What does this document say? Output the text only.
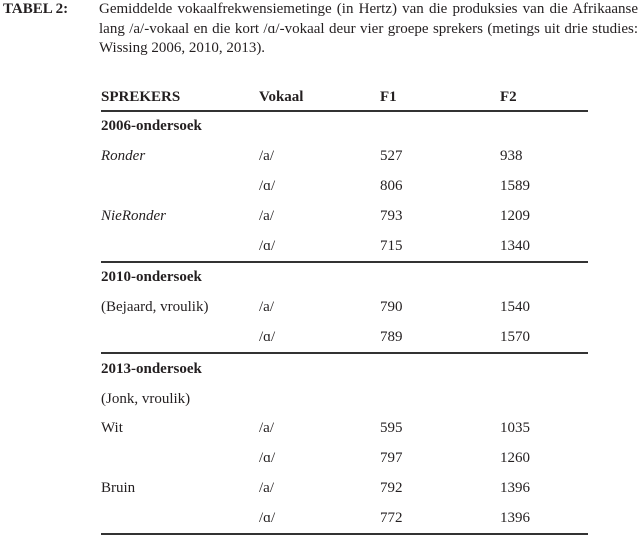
TABEL 2: Gemiddelde vokaalfrekwensiemetinge (in Hertz) van die produksies van die Afrikaanse lang /a/-vokaal en die kort /ɑ/-vokaal deur vier groepe sprekers (metings uit drie studies: Wissing 2006, 2010, 2013).
SPREKERS	Vokaal	F1	F2
2006-ondersoek			
Ronder	/a/	527	938
	/ɑ/	806	1589
NieRonder	/a/	793	1209
	/ɑ/	715	1340
2010-ondersoek			
(Bejaard, vroulik)	/a/	790	1540
	/ɑ/	789	1570
2013-ondersoek			
(Jonk, vroulik)			
Wit	/a/	595	1035
	/ɑ/	797	1260
Bruin	/a/	792	1396
	/ɑ/	772	1396
